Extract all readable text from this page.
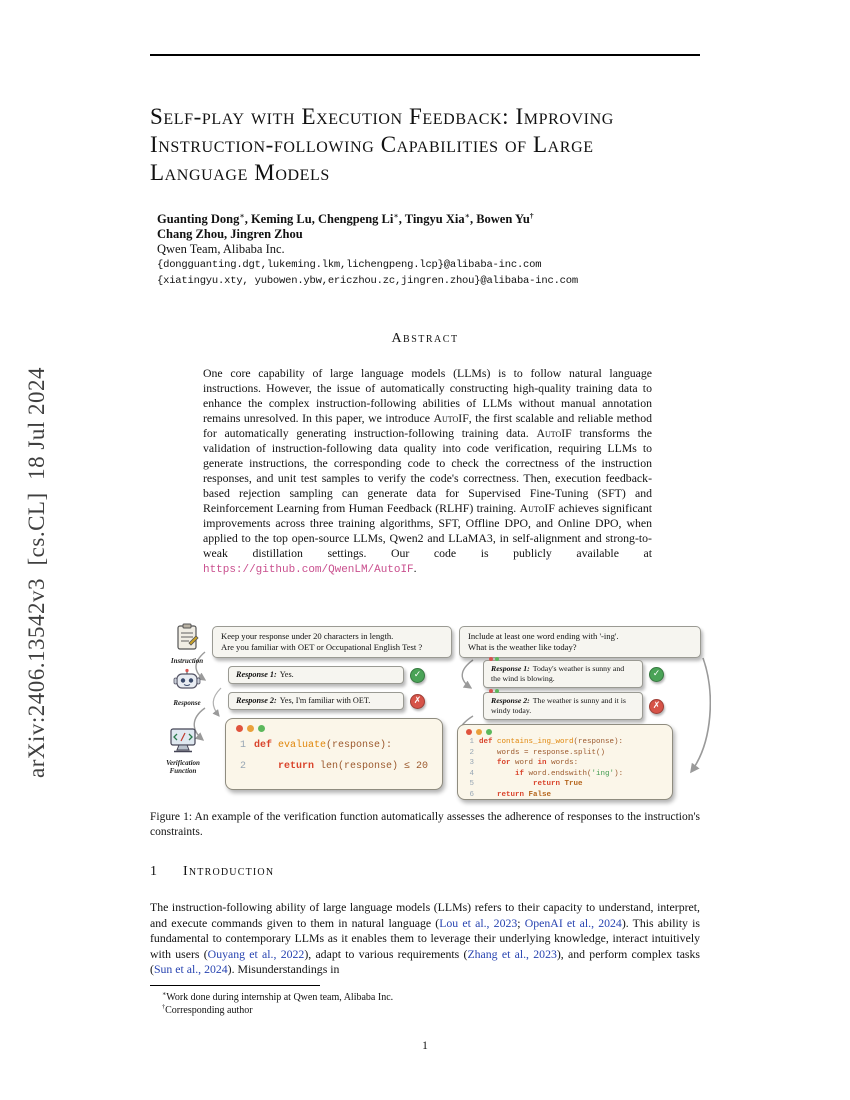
arXiv:2406.13542v3  [cs.CL]  18 Jul 2024
Self-play with Execution Feedback: Improving
Instruction-following Capabilities of Large
Language Models
Guanting Dong∗, Keming Lu, Chengpeng Li∗, Tingyu Xia∗, Bowen Yu†
Chang Zhou, Jingren Zhou
Qwen Team, Alibaba Inc.
{dongguanting.dgt,lukeming.lkm,lichengpeng.lcp}@alibaba-inc.com
{xiatingyu.xty, yubowen.ybw,ericzhou.zc,jingren.zhou}@alibaba-inc.com
Abstract
One core capability of large language models (LLMs) is to follow natural language instructions. However, the issue of automatically constructing high-quality training data to enhance the complex instruction-following abilities of LLMs without manual annotation remains unresolved. In this paper, we introduce AutoIF, the first scalable and reliable method for automatically generating instruction-following training data. AutoIF transforms the validation of instruction-following data quality into code verification, requiring LLMs to generate instructions, the corresponding code to check the correctness of the instruction responses, and unit test samples to verify the code's correctness. Then, execution feedback-based rejection sampling can generate data for Supervised Fine-Tuning (SFT) and Reinforcement Learning from Human Feedback (RLHF) training. AutoIF achieves significant improvements across three training algorithms, SFT, Offline DPO, and Online DPO, when applied to the top open-source LLMs, Qwen2 and LLaMA3, in self-alignment and strong-to-weak distillation settings. Our code is publicly available at https://github.com/QwenLM/AutoIF.
Instruction
Response
Verification Function
Keep your response under 20 characters in length.
Are you familiar with OET or Occupational English Test ?
Response 1: Yes.	✓
Response 2: Yes, I'm familiar with OET.	✗
1 def evaluate(response):
2	return len(response) ≤ 20
Include at least one word ending with '-ing'.
What is the weather like today?
Response 1: Today's weather is sunny and the wind is blowing.	✓
Response 2: The weather is sunny and it is windy today.	✗
1 def contains_ing_word(response):
2    words = response.split()
3	for word in words:
4	if word.endswith('ing'):
5	return True
6	return False
Figure 1: An example of the verification function automatically assesses the adherence of responses to the instruction's constraints.
1 Introduction
The instruction-following ability of large language models (LLMs) refers to their capacity to understand, interpret, and execute commands given to them in natural language (Lou et al., 2023; OpenAI et al., 2024). This ability is fundamental to contemporary LLMs as it enables them to leverage their underlying knowledge, interact intuitively with users (Ouyang et al., 2022), adapt to various requirements (Zhang et al., 2023), and perform complex tasks (Sun et al., 2024). Misunderstandings in
∗Work done during internship at Qwen team, Alibaba Inc.
†Corresponding author
1
